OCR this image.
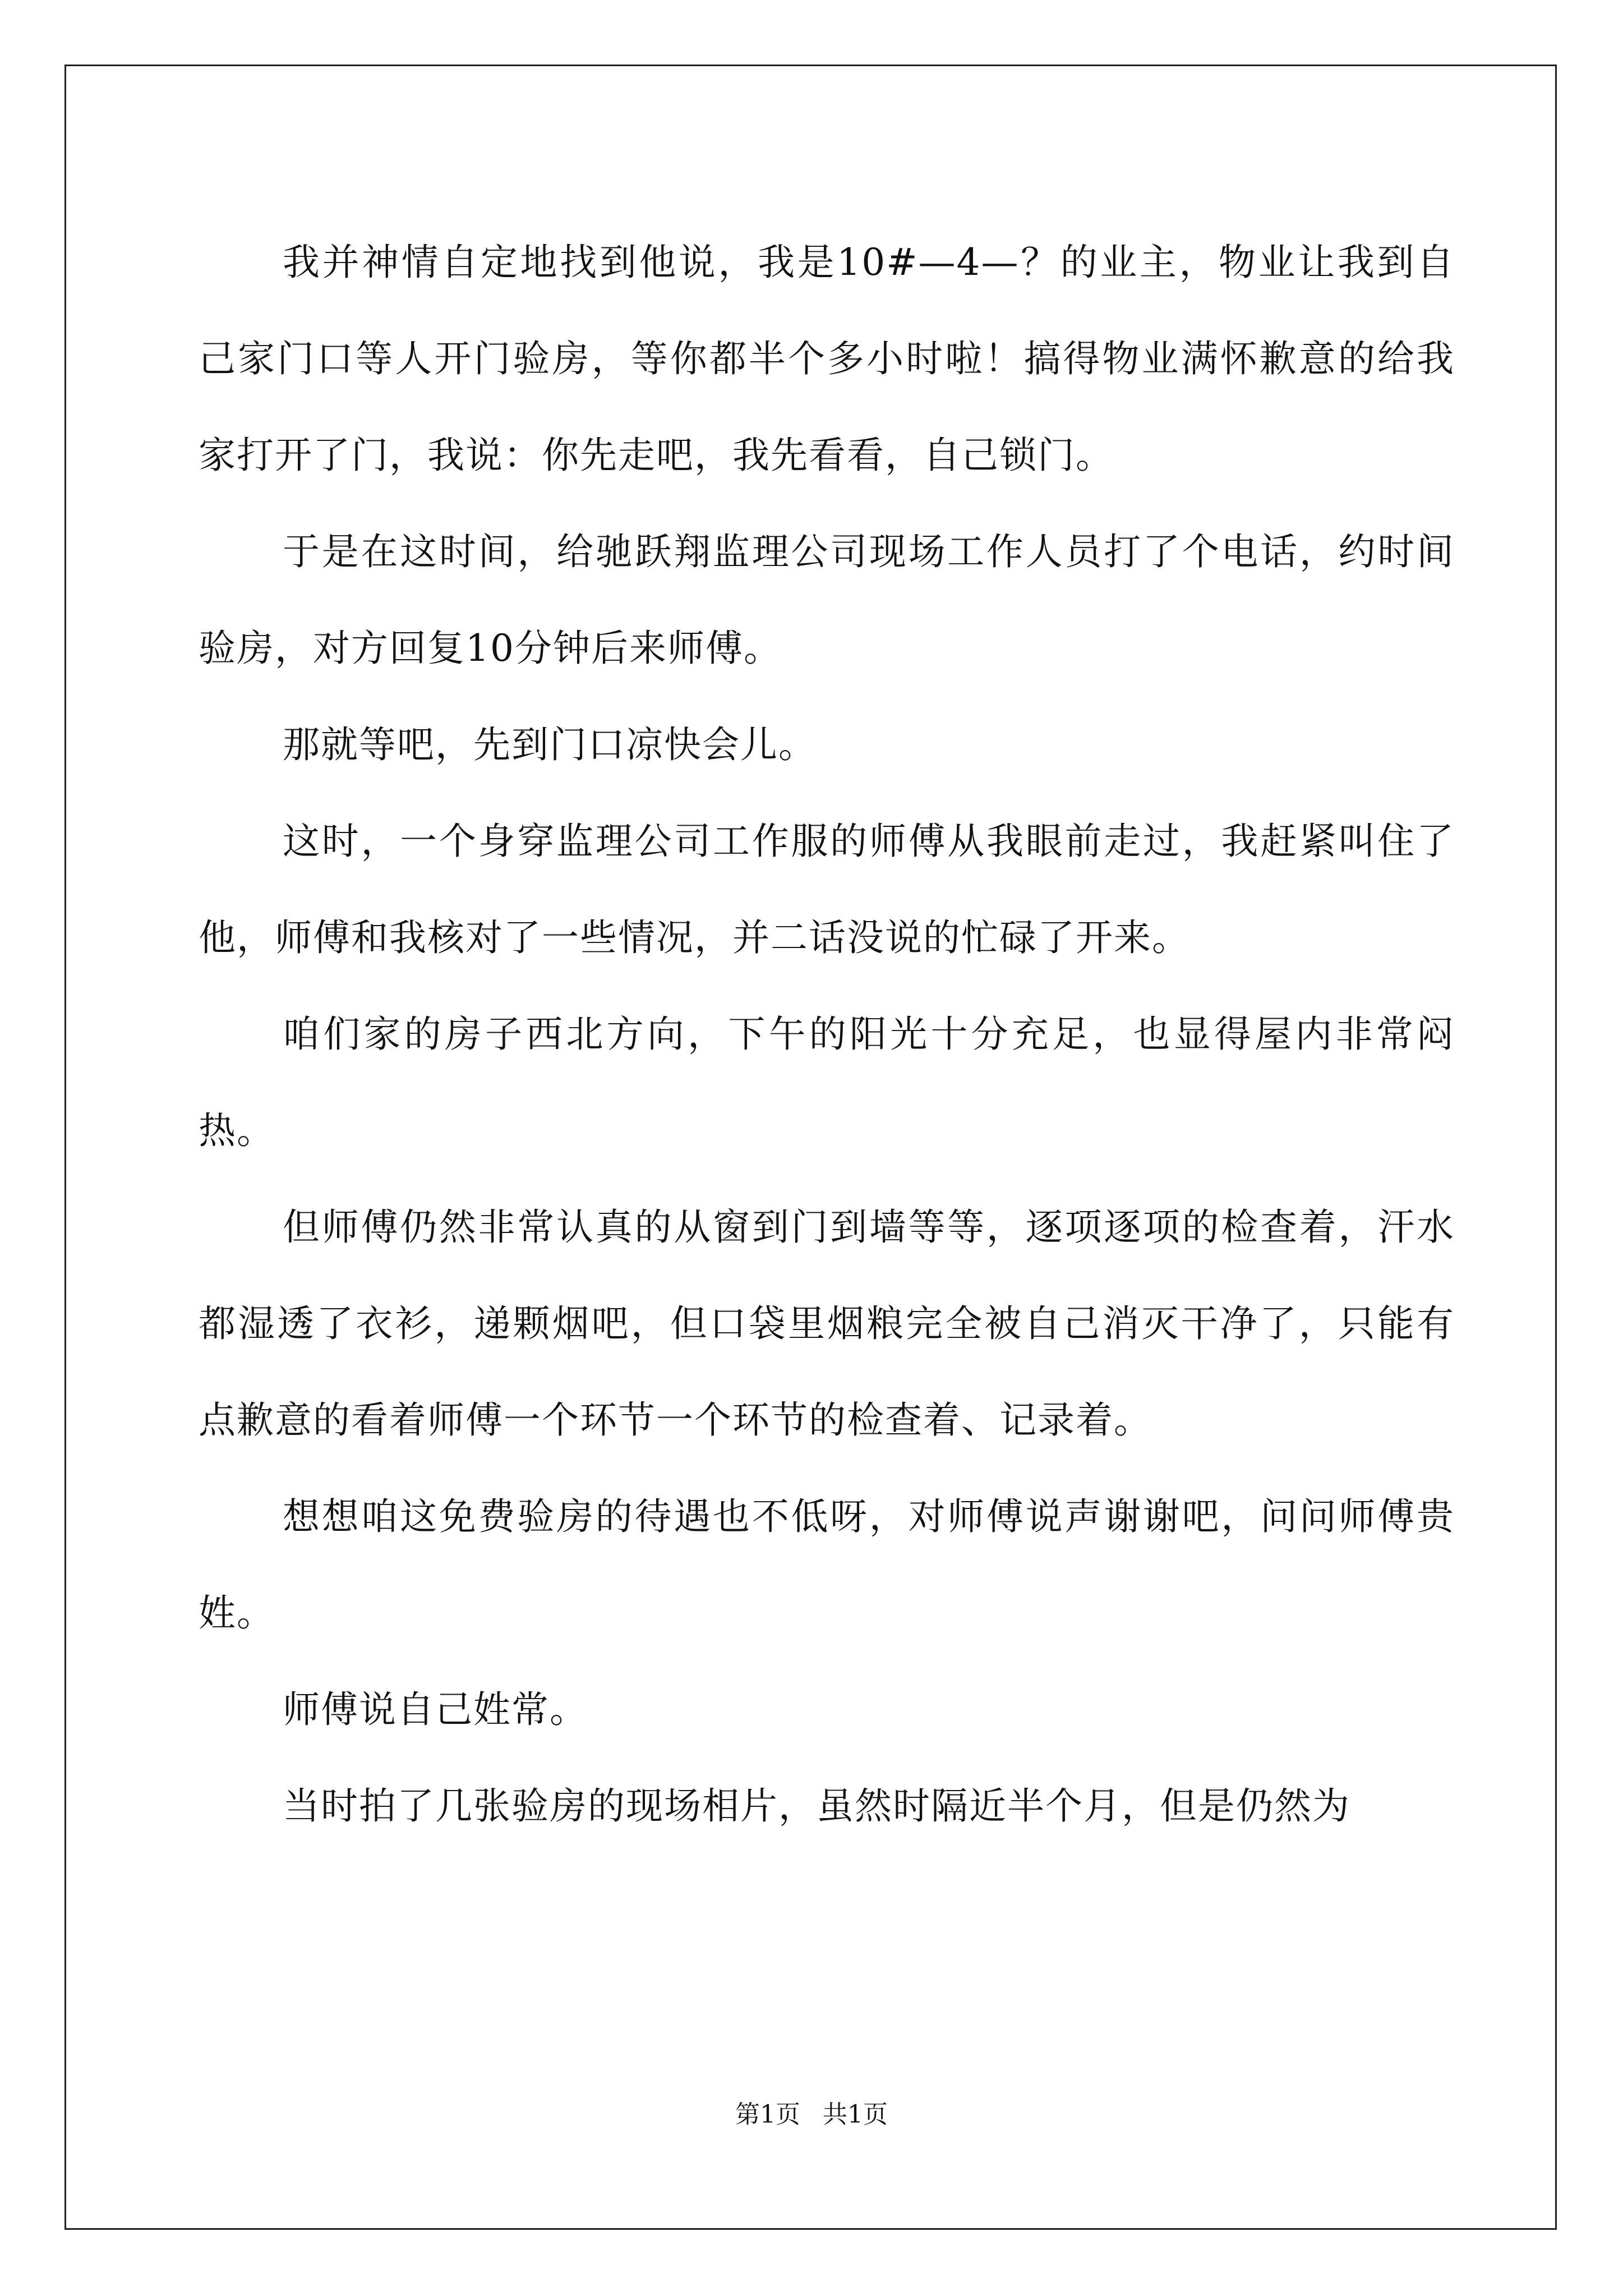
我并神情自定地找到他说，我是10#—4—？的业主，物业让我到自己家门口等人开门验房，等你都半个多小时啦！搞得物业满怀歉意的给我家打开了门，我说：你先走吧，我先看看，自己锁门。

于是在这时间，给驰跃翔监理公司现场工作人员打了个电话，约时间验房，对方回复10分钟后来师傅。

那就等吧，先到门口凉快会儿。

这时，一个身穿监理公司工作服的师傅从我眼前走过，我赶紧叫住了他，师傅和我核对了一些情况，并二话没说的忙碌了开来。

咱们家的房子西北方向，下午的阳光十分充足，也显得屋内非常闷热。

但师傅仍然非常认真的从窗到门到墙等等，逐项逐项的检查着，汗水都湿透了衣衫，递颗烟吧，但口袋里烟粮完全被自己消灭干净了，只能有点歉意的看着师傅一个环节一个环节的检查着、记录着。

想想咱这免费验房的待遇也不低呀，对师傅说声谢谢吧，问问师傅贵姓。

师傅说自己姓常。

当时拍了几张验房的现场相片，虽然时隔近半个月，但是仍然为

第1页 共1页
